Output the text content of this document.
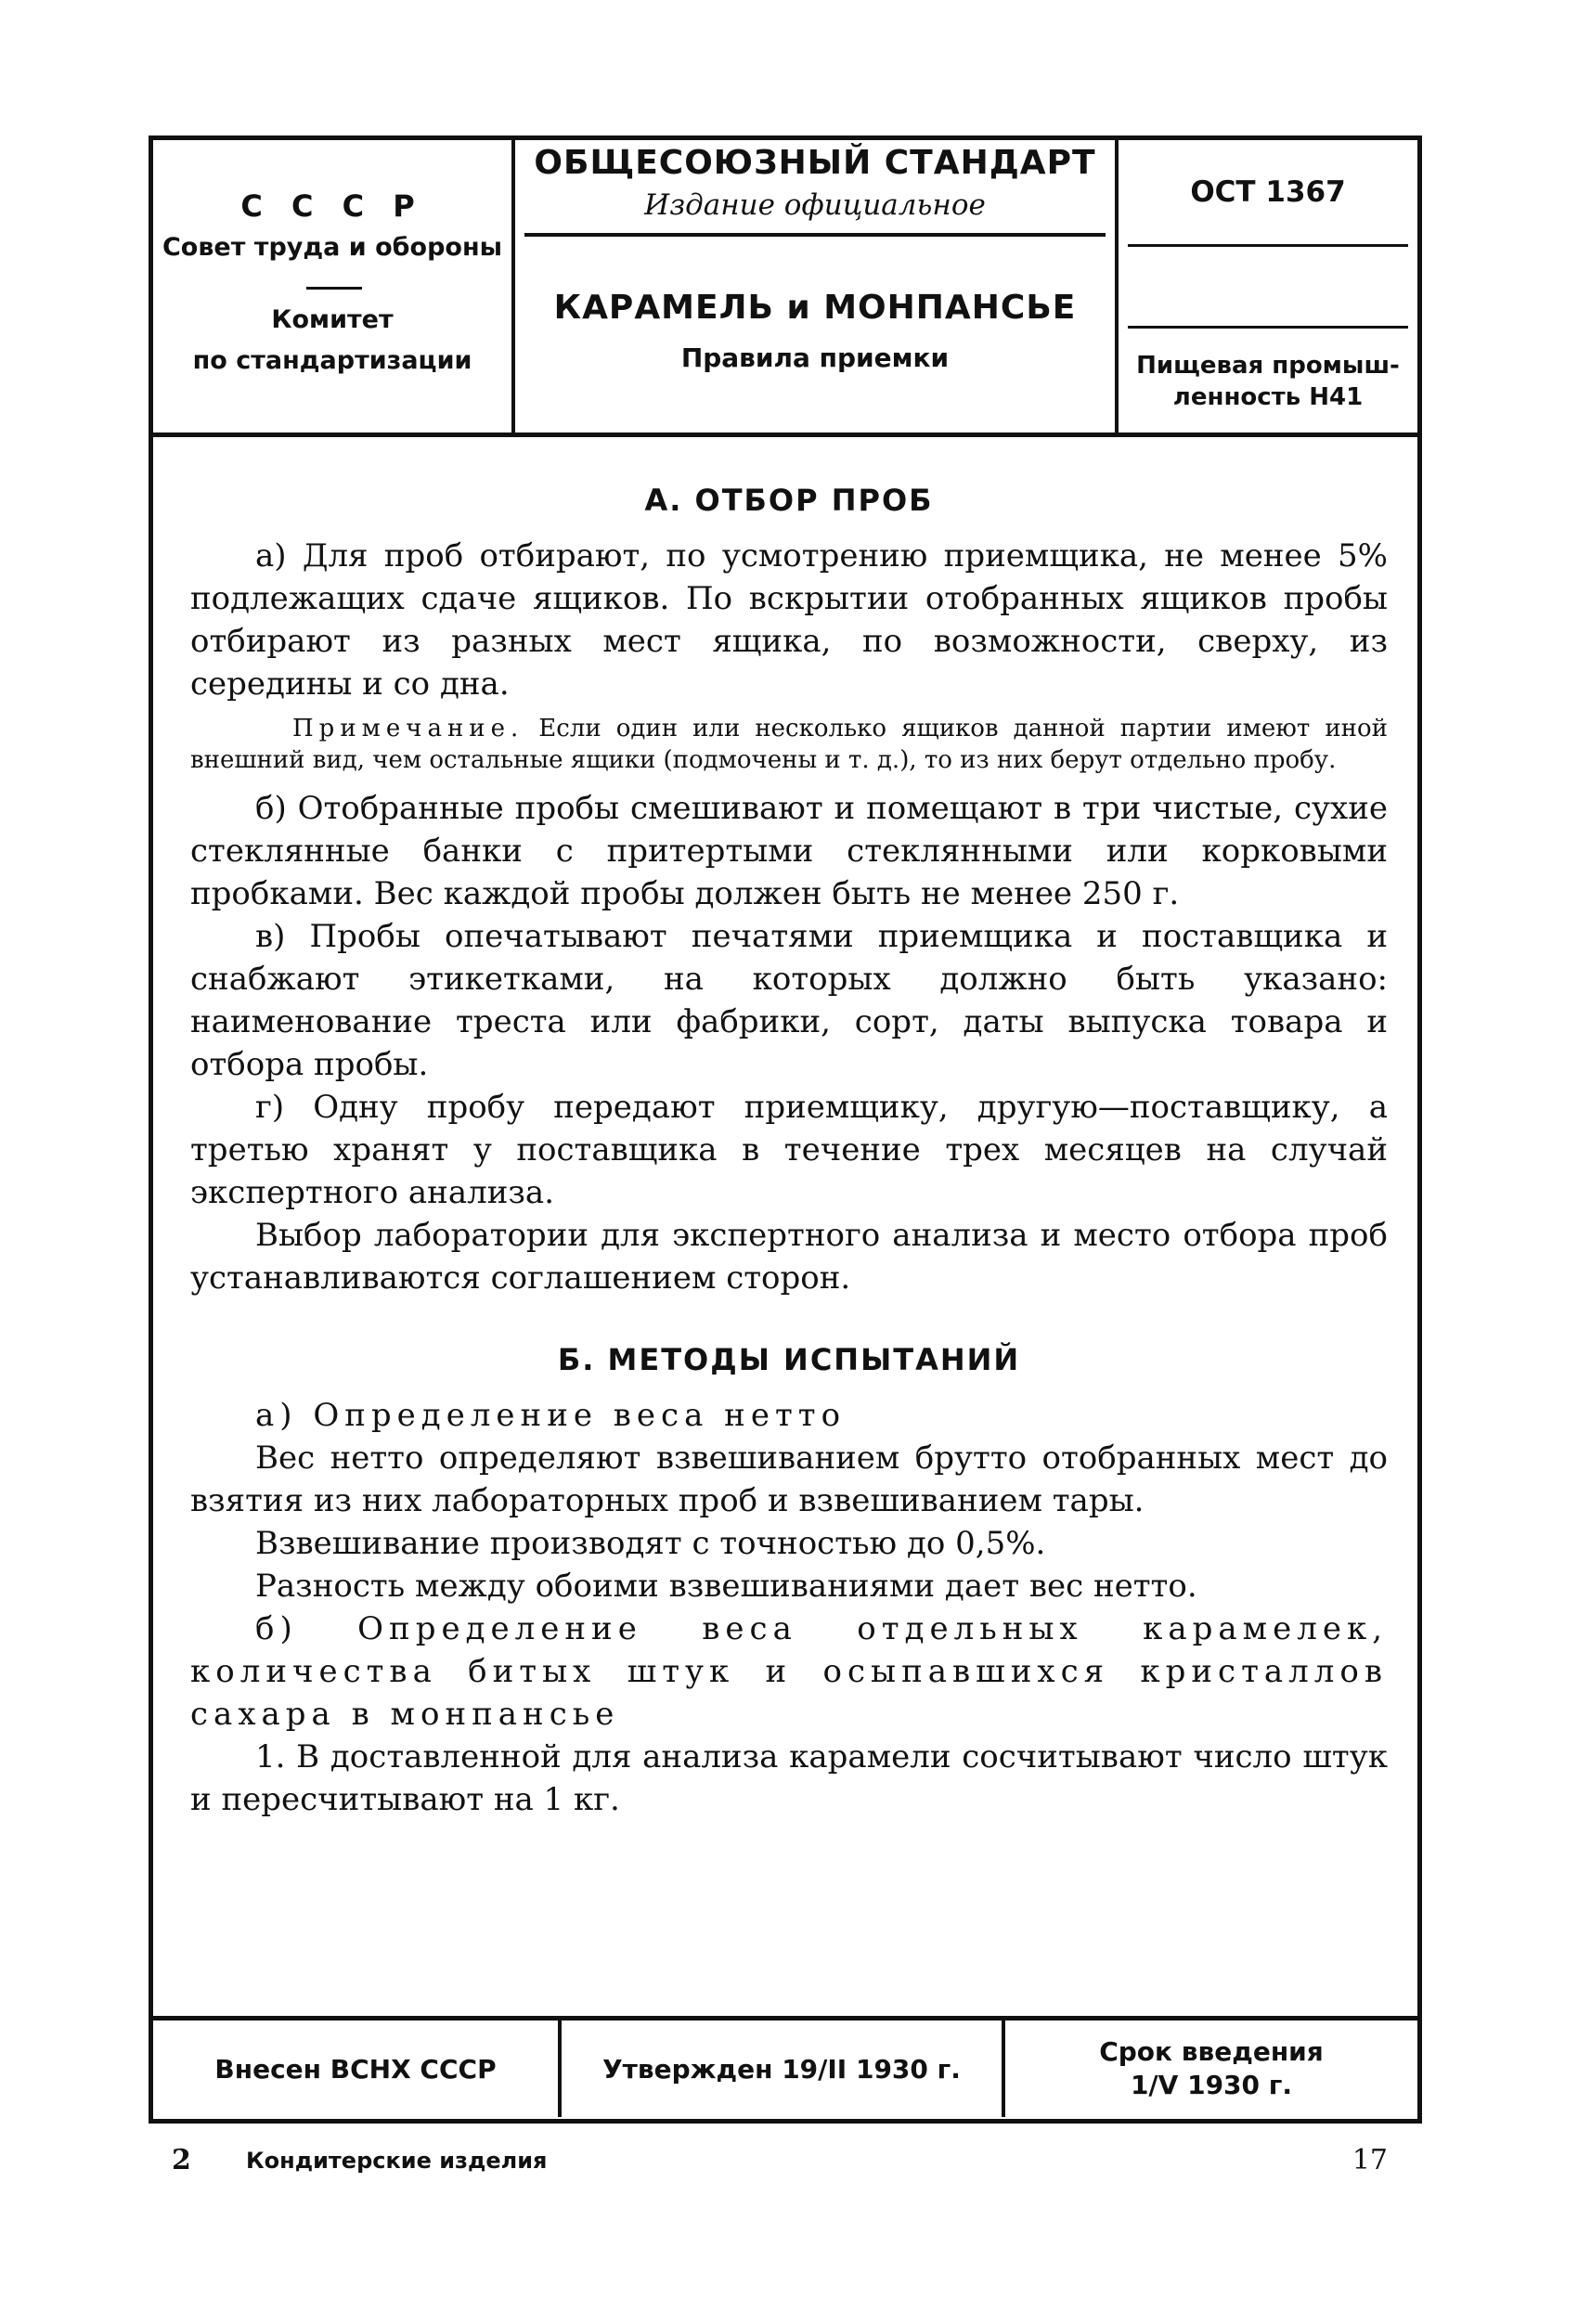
С С С Р
Совет труда и обороны
Комитет
по стандартизации
ОБЩЕСОЮЗНЫЙ СТАНДАРТ
Издание официальное
КАРАМЕЛЬ и МОНПАНСЬЕ
Правила приемки
ОСТ 1367
Пищевая промыш-
ленность Н41
А. ОТБОР ПРОБ

а) Для проб отбирают, по усмотрению приемщика, не менее 5% подлежащих сдаче ящиков. По вскрытии отобранных ящиков пробы отбирают из разных мест ящика, по возможности, сверху, из середины и со дна.

Примечание. Если один или несколько ящиков данной партии имеют иной внешний вид, чем остальные ящики (подмочены и т. д.), то из них берут отдельно пробу.

б) Отобранные пробы смешивают и помещают в три чистые, сухие стеклянные банки с притертыми стеклянными или корковыми пробками. Вес каждой пробы должен быть не менее 250 г.

в) Пробы опечатывают печатями приемщика и поставщика и снабжают этикетками, на которых должно быть указано: наименование треста или фабрики, сорт, даты выпуска товара и отбора пробы.

г) Одну пробу передают приемщику, другую—поставщику, а третью хранят у поставщика в течение трех месяцев на случай экспертного анализа.

Выбор лаборатории для экспертного анализа и место отбора проб устанавливаются соглашением сторон.

Б. МЕТОДЫ ИСПЫТАНИЙ

а) Определение веса нетто

Вес нетто определяют взвешиванием брутто отобранных мест до взятия из них лабораторных проб и взвешиванием тары.

Взвешивание производят с точностью до 0,5%.

Разность между обоими взвешиваниями дает вес нетто.

б) Определение веса отдельных карамелек, количества битых штук и осыпавшихся кристаллов сахара в монпансье

1. В доставленной для анализа карамели сосчитывают число штук и пересчитывают на 1 кг.

Внесен ВСНХ СССР	Утвержден 19/II 1930 г.
Срок введения
1/V 1930 г.
2 Кондитерские изделия	17
